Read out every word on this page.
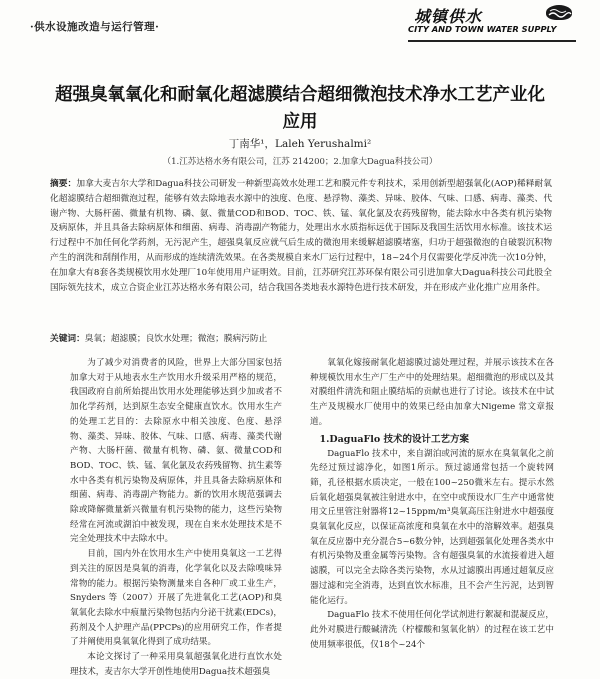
·供水设施改造与运行管理·
城镇供水
CITY AND TOWN WATER SUPPLY
超强臭氧氧化和耐氧化超滤膜结合超细微泡技术净水工艺产业化应用
丁南华¹，Laleh Yerushalmi²
（1.江苏达格水务有限公司，江苏 214200；2.加拿大Dagua科技公司）
摘要：加拿大麦吉尔大学和Dagua科技公司研发一种新型高效水处理工艺和膜元件专利技术，采用创新型超强氧化(AOP)稀释耐氧化超滤膜结合超细微泡过程，能够有效去除地表水源中的浊度、色度、悬浮物、藻类、异味、胶体、气味、口感、病毒、藻类、代谢产物、大肠杆菌、微量有机物、磷、氨、微量COD和BOD、TOC、铁、锰、氧化氯及农药残留物，能去除水中各类有机污染物及病原体，并且具备去除病原体和细菌、病毒、消毒副产物能力，处理出水水质指标远优于国际及我国生活饮用水标准。该技术运行过程中不加任何化学药剂，无污泥产生，超强臭氧反应就气后生成的微泡用来缓解超滤膜堵塞，归功于超强微泡的自破裂沉积物产生的润洗和刮削作用，从而形成的连续清洗效果。在各类规模自来水厂运行过程中，18~24个月仅需要化学反冲洗一次10分钟，在加拿大有8套各类规模饮用水处理厂10年使用用户证明效。目前，江苏研究江苏环保有限公司引进加拿大Dagua科技公司此股全国际领先技术，成立合资企业江苏达格水务有限公司，结合我国各类地表水源特色进行技术研发，并在形成产业化推广应用条件。
关键词：臭氧；超滤膜；良饮水处理；微泡；膜病污防止

为了减少对消费者的风险，世界上大部分国家包括加拿大对于从地表水生产饮用水升级采用严格的规范，我国政府自前所始提出饮用水处理能够达到少加或者不加化学药剂，达到原生态安全健康直饮水。饮用水生产的处理工艺目的：去除原水中相关浊度、色度、悬浮物、藻类、异味、胶体、气味、口感、病毒、藻类代谢产物、大肠杆菌、微量有机物、磷、氨、微量COD和BOD、TOC、铁、锰、氧化氯及农药残留物、抗生素等水中各类有机污染物及病原体，并且具备去除病原体和细菌、病毒、消毒副产物能力。新的饮用水规范强调去除或降解微量新兴微量有机污染物的能力，这些污染物经常在河流或湖泊中被发现，现在自来水处理技术是不完全处理技术中去除水中。

目前，国内外在饮用水生产中使用臭氧这一工艺得到关注的原因是臭氧的消毒，化学氧化以及去除嗅味异常物的能力。根据污染物测量来自各种厂或工业生产，Snyders 等（2007）开展了先进氧化工艺(AOP)和臭氧氧化去除水中痕量污染物包括内分泌干扰素(EDCs)，药剂及个人护理产品(PPCPs)的应用研究工作，作者提了并阐使用臭氧氧化得到了成功结果。

本论文探讨了一种采用臭氧超强氧化进行直饮水处理技术，麦吉尔大学开创性地使用Dagua技术超强臭

氧氧化嫁接耐氧化超滤膜过滤处理过程，并展示该技术在各种规模饮用水生产厂生产中的处理结果。超细微泡的形成以及其对膜组件清洗和阻止膜结垢的贡献也进行了讨论。该技术在中试生产及规模水厂使用中的效果已经由加拿大Nigeme 常文章报道。

1.DaguaFlo 技术的设计工艺方案

DaguaFlo 技术中，来自湖泊或河流的原水在臭氧氧化之前先经过预过滤净化，如图1所示。预过滤通常包括一个旋转网筛，孔径根据水质决定，一般在100~250微米左右。提示水然后氧化超强臭氧被注射进水中，在空中或预设水厂生产中通常使用文丘里管注射器将12~15ppm/m³臭氧高压注射进水中超强度臭氧氧化反应，以保证高浓度和臭氧在水中的溶解效率。超强臭氧在反应器中充分混合5~6数分钟，达到超强氧化处理各类水中有机污染物及重金属等污染物。含有超强臭氧的水流接着进入超滤膜，可以完全去除各类污染物，水从过滤膜出再通过超氧反应器过滤和完全消毒，达到直饮水标准，且不会产生污泥，达到智能化运行。

DaguaFlo 技术不使用任何化学试剂进行絮凝和混凝反应，此外对膜进行酸碱清洗（柠檬酸和氢氧化钠）的过程在该工艺中使用频率很低，仅18个~24个
